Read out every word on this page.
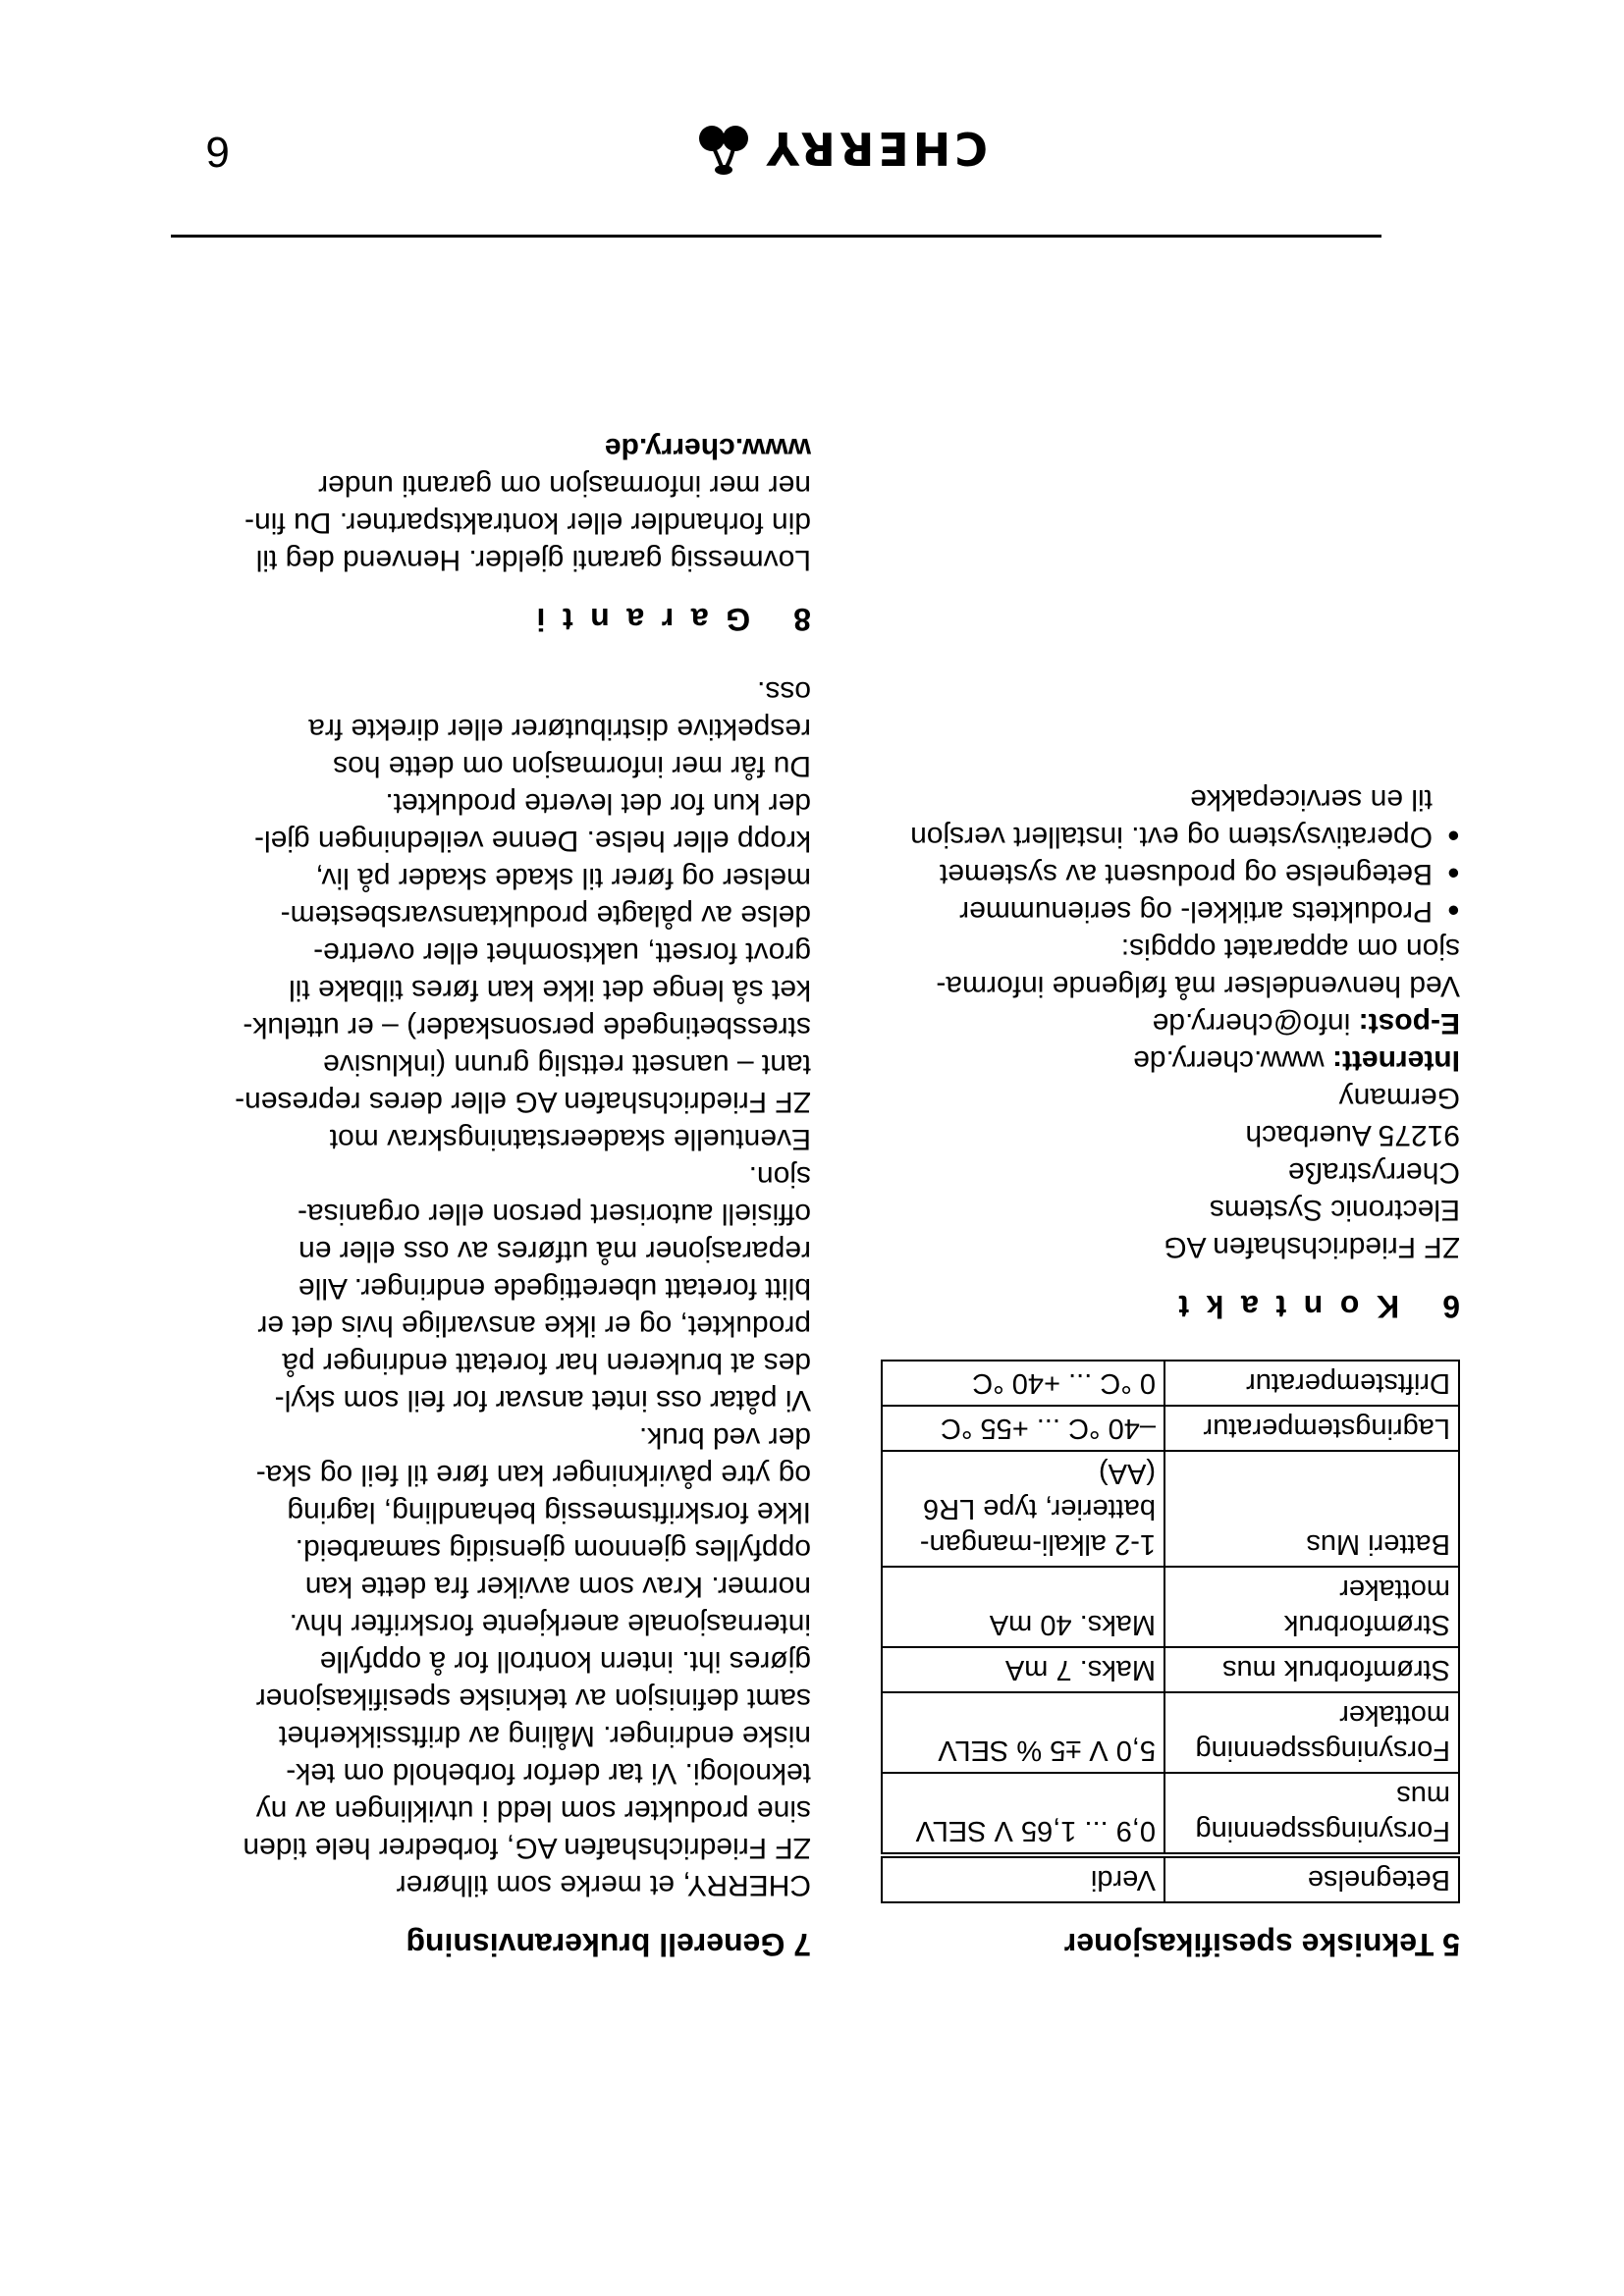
5 Tekniske spesifikasjoner
Betegnelse	Verdi
Forsyningsspenning mus	0,9 ... 1,65 V SELV
Forsyningsspenning mottaker	5,0 V ±5 % SELV
Strømforbruk mus	Maks. 7 mA
Strømforbruk mottaker	Maks. 40 mA
Batteri Mus	1-2 alkali-mangan-batterier, type LR6 (AA)
Lagringstemperatur	–40 °C ... +55 °C
Driftstemperatur	0 °C ... +40 °C
6 Kontakt
ZF Friedrichshafen AG
Electronic Systems
Cherrystraße
91275 Auerbach
Germany
Internett: www.cherry.de
E-post: info@cherry.de

Ved henvendelser må følgende informa-
sjon om apparatet oppgis:

● Produktets artikkel- og serienummer
● Betegnelse og produsent av systemet
● Operativsystem og evt. installert versjon
til en servicepakke
7 Generell brukeranvisning

CHERRY, et merke som tilhører
ZF Friedrichshafen AG, forbedrer hele tiden
sine produkter som ledd i utviklingen av ny
teknologi. Vi tar derfor forbehold om tek-
niske endringer. Måling av driftssikkerhet
samt definisjon av tekniske spesifikasjoner
gjøres iht. intern kontroll for å oppfylle
internasjonale anerkjente forskrifter hhv.
normer. Krav som avviker fra dette kan
oppfylles gjennom gjensidig samarbeid.
Ikke forskriftsmessig behandling, lagring
og ytre påvirkninger kan føre til feil og ska-
der ved bruk.

Vi påtar oss intet ansvar for feil som skyl-
des at brukeren har foretatt endringer på
produktet, og er ikke ansvarlige hvis det er
blitt foretatt uberettigede endringer. Alle
reparasjoner må utføres av oss eller en
offisiell autorisert person eller organisa-
sjon.

Eventuelle skadeerstatningskrav mot
ZF Friedrichshafen AG eller deres represen-
tant – uansett rettslig grunn (inklusive
stressbetingede personskader) – er utteluk-
ket så lenge det ikke kan føres tilbake til
grovt forsett, uaktsomhet eller overtre-
delse av pålagte produktansvarsbestem-
melser og fører til skade skader på liv,
kropp eller helse. Denne veiledningen gjel-
der kun for det leverte produktet.
Du får mer informasjon om dette hos
respektive distributører eller direkte fra
oss.

8 Garanti

Lovmessig garanti gjelder. Henvend deg til
din forhandler eller kontraktspartner. Du fin-
ner mer informasjon om garanti under

www.cherry.de

CHERRY
6
